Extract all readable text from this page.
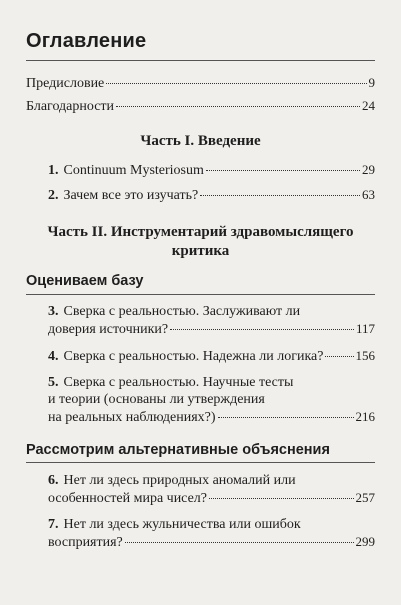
Оглавление
Предисловие	9
Благодарности	24
Часть I. Введение
1. Continuum Mysteriosum	29
2. Зачем все это изучать?	63
Часть II. Инструментарий здравомыслящего
критика
Оцениваем базу
3. Сверка с реальностью. Заслуживают ли
доверия источники?	117
4. Сверка с реальностью. Надежна ли логика? 156
5. Сверка с реальностью. Научные тесты
и теории (основаны ли утверждения
на реальных наблюдениях?)	216
Рассмотрим альтернативные объяснения
6. Нет ли здесь природных аномалий или
особенностей мира чисел?	257
7. Нет ли здесь жульничества или ошибок
восприятия?	299
